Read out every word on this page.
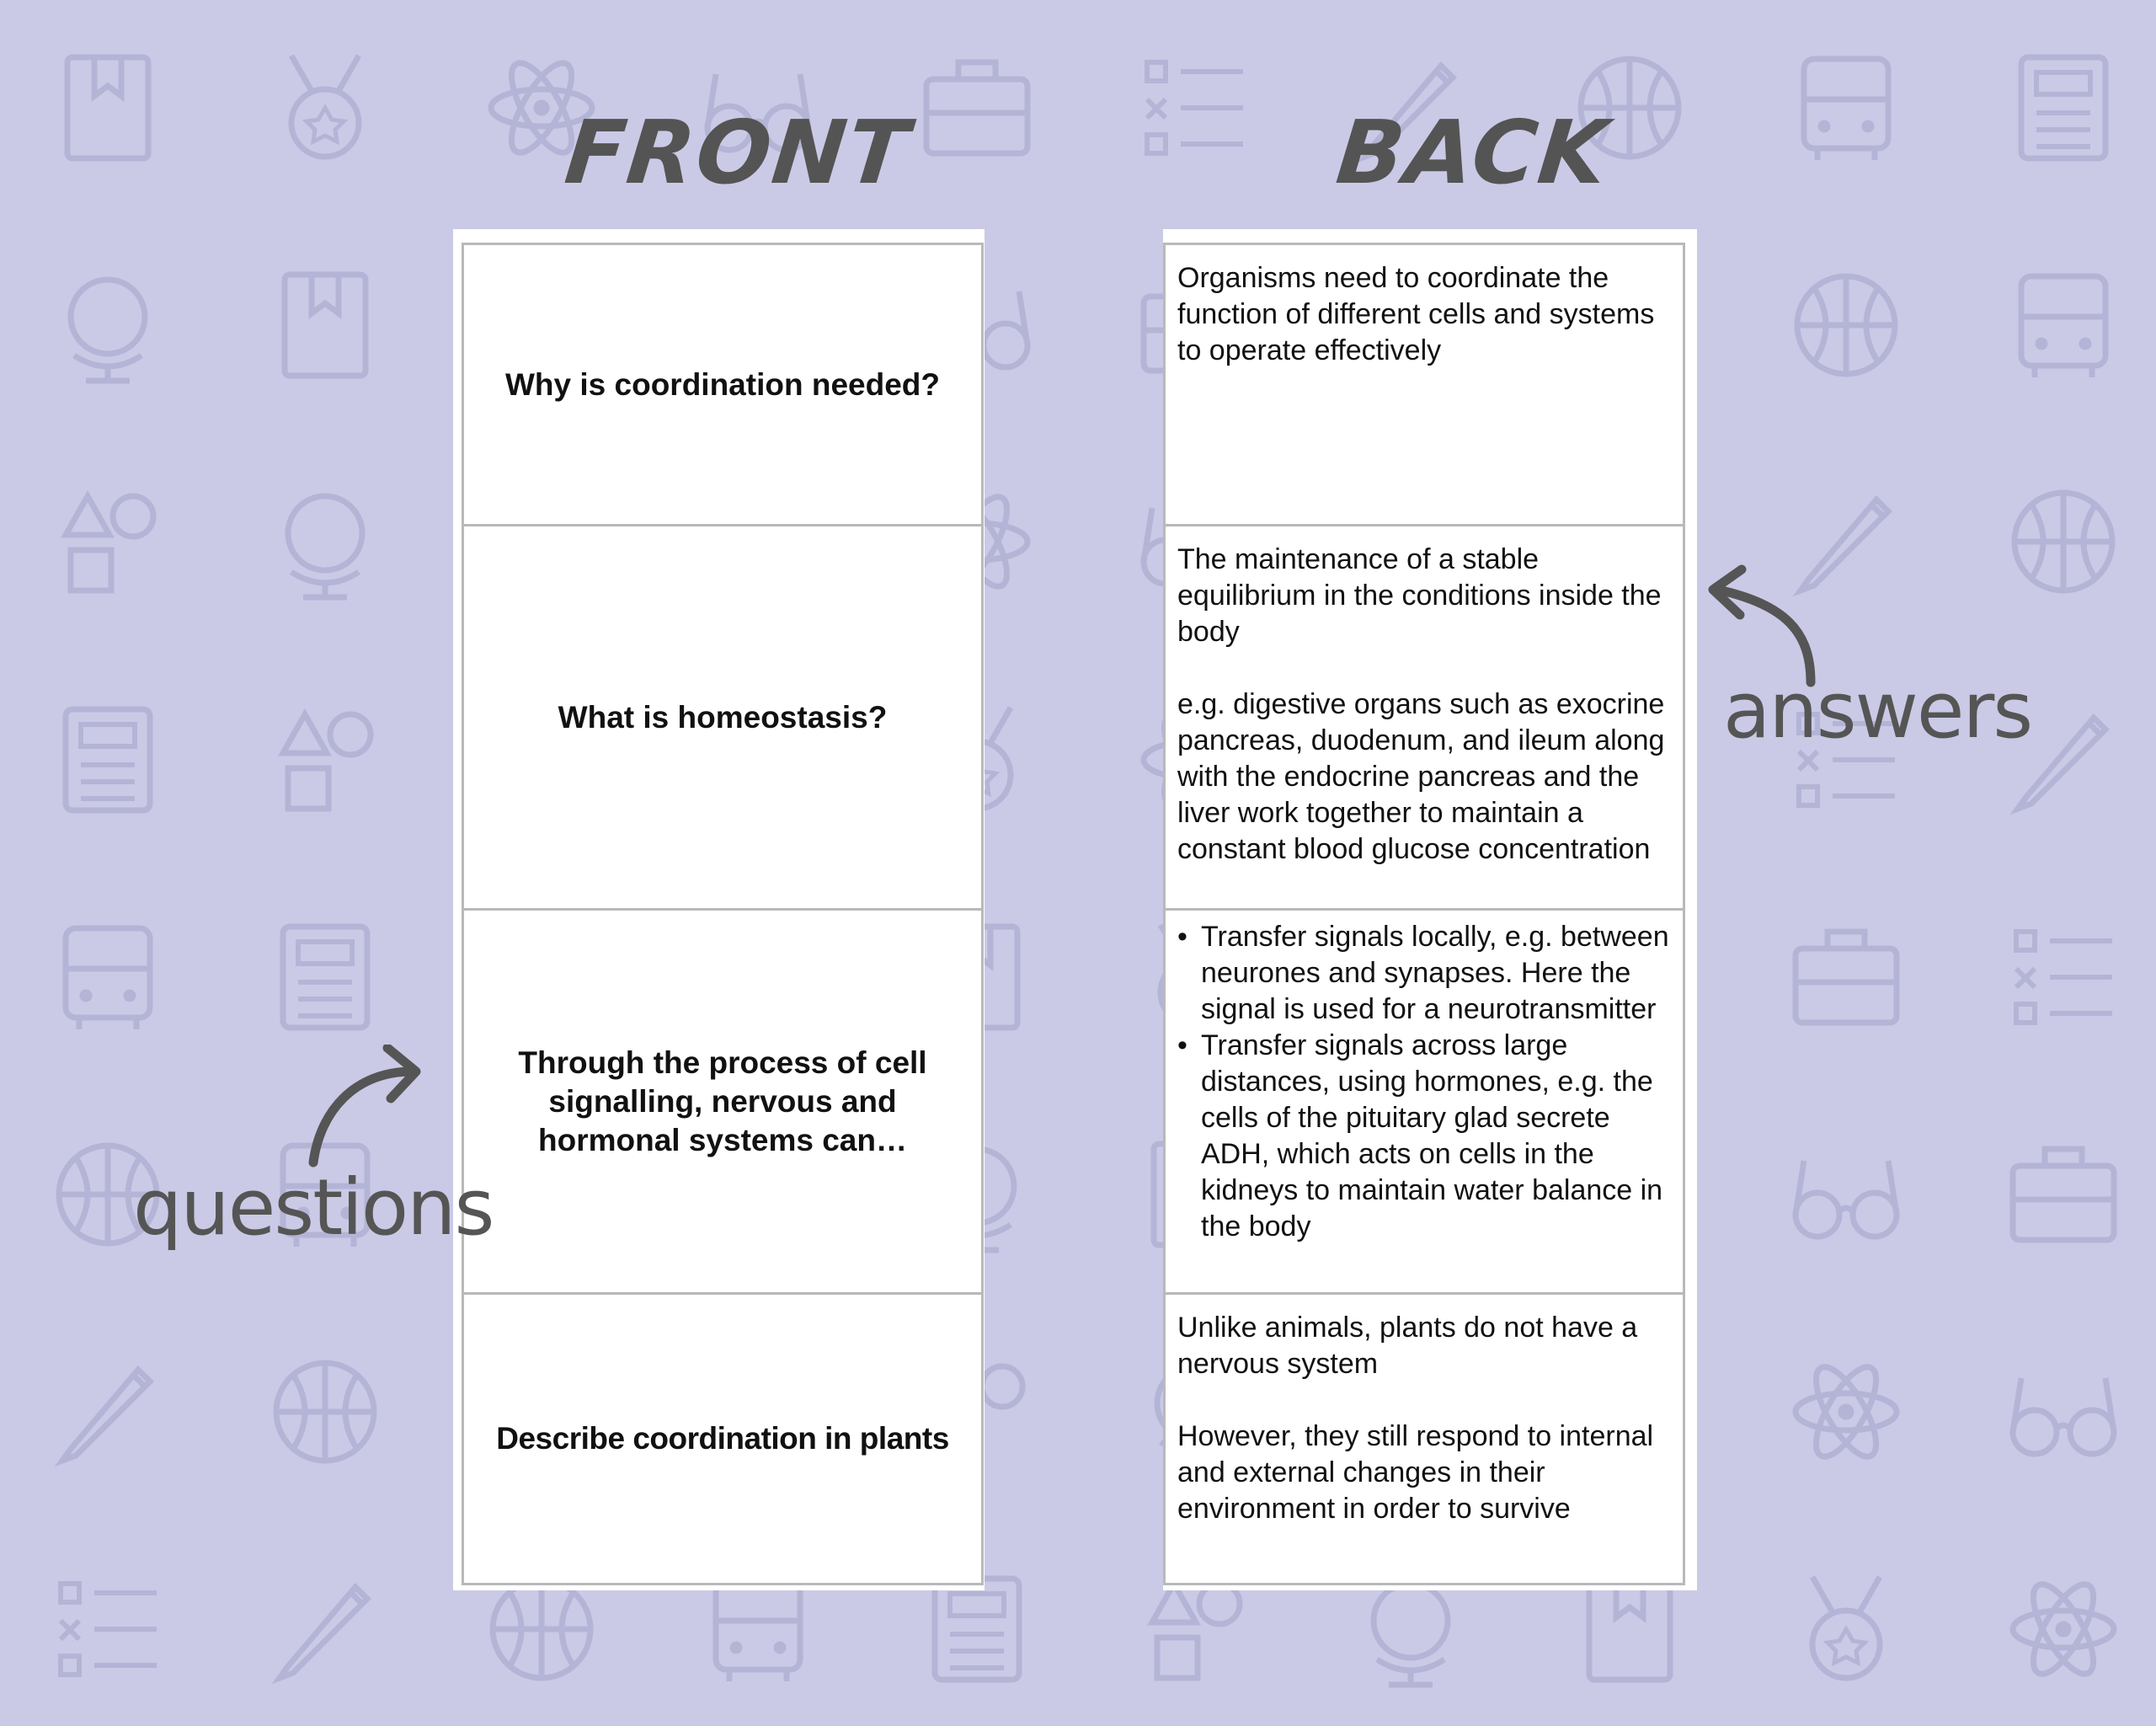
FRONT	BACK
Why is coordination needed?
What is homeostasis?
Through the process of cell signalling, nervous and hormonal systems can…
Describe coordination in plants

Organisms need to coordinate the function of different cells and systems to operate effectively

The maintenance of a stable equilibrium in the conditions inside the body

e.g. digestive organs such as exocrine pancreas, duodenum, and ileum along with the endocrine pancreas and the liver work together to maintain a constant blood glucose concentration

• Transfer signals locally, e.g. between neurones and synapses. Here the signal is used for a neurotransmitter
• Transfer signals across large distances, using hormones, e.g. the cells of the pituitary glad secrete ADH, which acts on cells in the kidneys to maintain water balance in the body

Unlike animals, plants do not have a nervous system

However, they still respond to internal and external changes in their environment in order to survive

answers
questions
